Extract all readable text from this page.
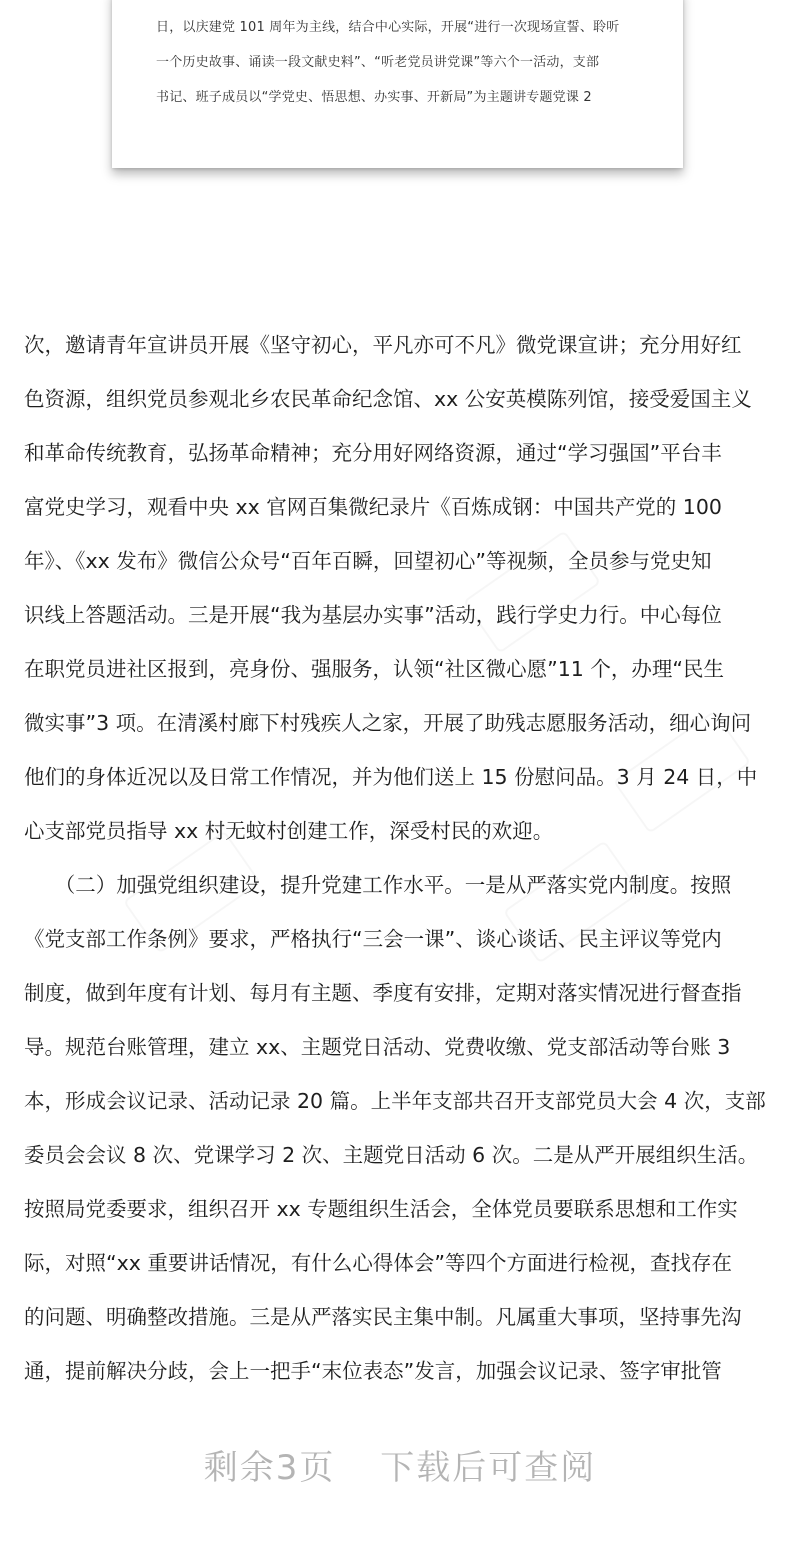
日，以庆建党 101 周年为主线，结合中心实际，开展“进行一次现场宣誓、聆听
一个历史故事、诵读一段文献史料”、“听老党员讲党课”等六个一活动，支部
书记、班子成员以“学党史、悟思想、办实事、开新局”为主题讲专题党课 2
次，邀请青年宣讲员开展《坚守初心，平凡亦可不凡》微党课宣讲；充分用好红
色资源，组织党员参观北乡农民革命纪念馆、xx 公安英模陈列馆，接受爱国主义
和革命传统教育，弘扬革命精神；充分用好网络资源，通过“学习强国”平台丰
富党史学习，观看中央 xx 官网百集微纪录片《百炼成钢：中国共产党的 100
年》、《xx 发布》微信公众号“百年百瞬，回望初心”等视频，全员参与党史知
识线上答题活动。三是开展“我为基层办实事”活动，践行学史力行。中心每位
在职党员进社区报到，亮身份、强服务，认领“社区微心愿”11 个，办理“民生
微实事”3 项。在清溪村廊下村残疾人之家，开展了助残志愿服务活动，细心询问
他们的身体近况以及日常工作情况，并为他们送上 15 份慰问品。3 月 24 日，中
心支部党员指导 xx 村无蚊村创建工作，深受村民的欢迎。
　　（二）加强党组织建设，提升党建工作水平。一是从严落实党内制度。按照
《党支部工作条例》要求，严格执行“三会一课”、谈心谈话、民主评议等党内
制度，做到年度有计划、每月有主题、季度有安排，定期对落实情况进行督查指
导。规范台账管理，建立 xx、主题党日活动、党费收缴、党支部活动等台账 3
本，形成会议记录、活动记录 20 篇。上半年支部共召开支部党员大会 4 次，支部
委员会会议 8 次、党课学习 2 次、主题党日活动 6 次。二是从严开展组织生活。
按照局党委要求，组织召开 xx 专题组织生活会，全体党员要联系思想和工作实
际，对照“xx 重要讲话情况，有什么心得体会”等四个方面进行检视，查找存在
的问题、明确整改措施。三是从严落实民主集中制。凡属重大事项，坚持事先沟
通，提前解决分歧，会上一把手“末位表态”发言，加强会议记录、签字审批管
剩余3页 下载后可查阅
